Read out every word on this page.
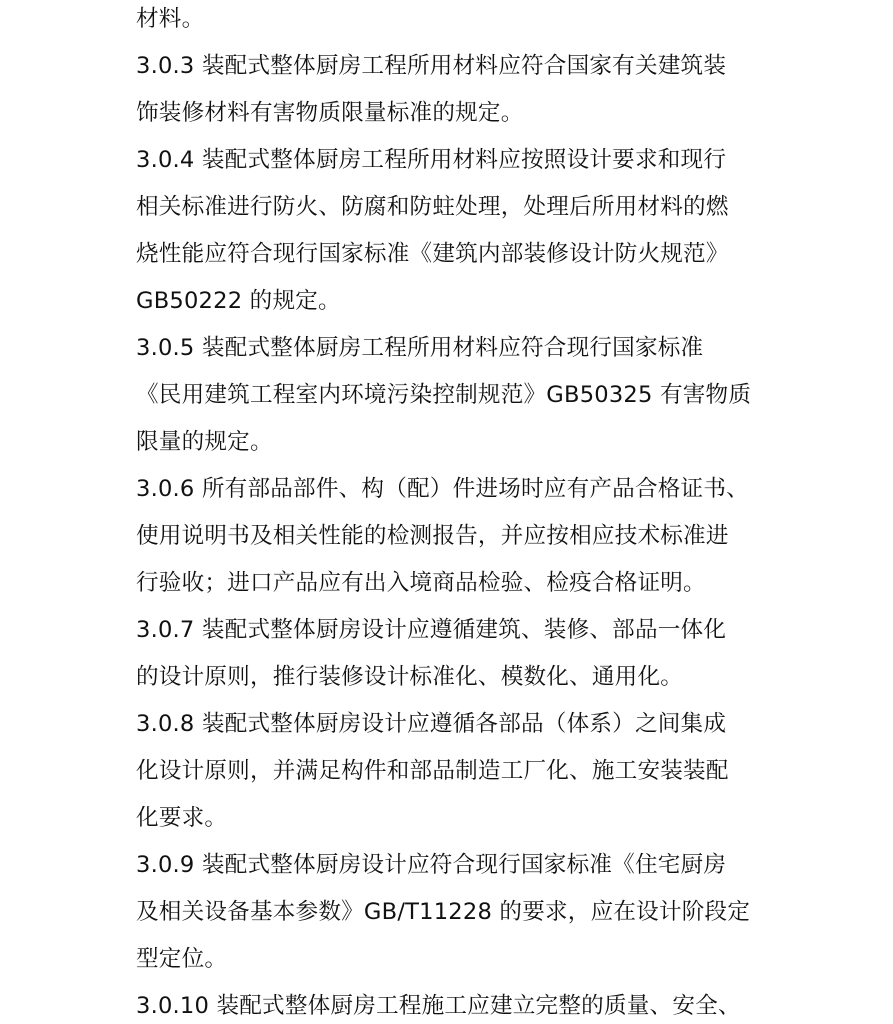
材料。
3.0.3 装配式整体厨房工程所用材料应符合国家有关建筑装
饰装修材料有害物质限量标准的规定。
3.0.4 装配式整体厨房工程所用材料应按照设计要求和现行
相关标准进行防火、防腐和防蛀处理，处理后所用材料的燃
烧性能应符合现行国家标准《建筑内部装修设计防火规范》
GB50222 的规定。
3.0.5 装配式整体厨房工程所用材料应符合现行国家标准
《民用建筑工程室内环境污染控制规范》GB50325 有害物质
限量的规定。
3.0.6 所有部品部件、构（配）件进场时应有产品合格证书、
使用说明书及相关性能的检测报告，并应按相应技术标准进
行验收；进口产品应有出入境商品检验、检疫合格证明。
3.0.7 装配式整体厨房设计应遵循建筑、装修、部品一体化
的设计原则，推行装修设计标准化、模数化、通用化。
3.0.8 装配式整体厨房设计应遵循各部品（体系）之间集成
化设计原则，并满足构件和部品制造工厂化、施工安装装配
化要求。
3.0.9 装配式整体厨房设计应符合现行国家标准《住宅厨房
及相关设备基本参数》GB/T11228 的要求，应在设计阶段定
型定位。
3.0.10 装配式整体厨房工程施工应建立完整的质量、安全、
